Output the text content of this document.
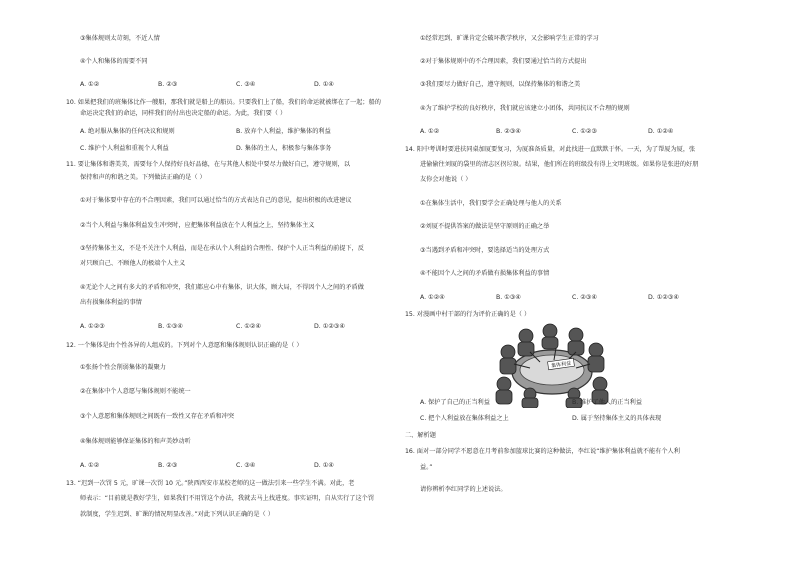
③集体规则太苛刻，不近人情
④个人和集体的需要不同
A. ①②	B. ②③	C. ③④	D. ①④
10. 如果把我们的班集体比作一艘船，那我们就是船上的船员。只要我们上了船，我们的命运就被绑在了一起；船的
命运决定我们的命运，同样我们的付出也决定船的命运。为此，我们要（ ）
A. 绝对服从集体的任何决议和规则	B. 放弃个人利益，维护集体的利益
C. 维护个人利益和重视个人利益	D. 集体的主人，积极参与集体事务
11. 要让集体和谐美美，需要每个人保持好良好品德，在与其他人相处中要尽力做好自己，遵守规则，以
保持和声的和谐之美。下列做法正确的是（ ）
①对于集体要中存在的不合理因素，我们可以通过恰当的方式表达自己的意见，提出积极的改进建议
②当个人利益与集体利益发生冲突时，应把集体利益放在个人利益之上，坚持集体主义
③坚持集体主义，不是不关注个人利益，而是在承认个人利益的合理性、保护个人正当利益的前提下，反
对只顾自己、不顾他人的极端个人主义
④无论个人之间有多大的矛盾和冲突，我们都应心中有集体，识大体，顾大局，不得因个人之间的矛盾做
出有损集体利益的事情
A. ①②③	B. ①③④	C. ①②④	D. ①②③④
12. 一个集体是由个性各异的人组成的。下列对个人意愿和集体规则认识正确的是（ ）
①张扬个性会削弱集体的凝聚力
②在集体中个人意愿与集体规则不能统一
③个人意愿和集体规则之间既有一致性又存在矛盾和冲突
④集体规则能够保证集体的和声美妙动听
A. ①②	B. ②③	C. ③④	D. ①④
13. “迟到一次罚 5 元，旷课一次罚 10 元。”陕西西安市某校老师的这一做法引来一些学生不满。对此，老
师表示：“目前就是教好学生，如果我们不用罚这个办法，我就去马上找进度。事实证明，自从实行了这个罚
款制度，学生迟到、旷课的情况明显改善。”对此下列认识正确的是（ ）
①经常迟到、旷课肯定会破坏教学秩序，又会影响学生正常的学习
②对于集体规则中的不合理因素，我们要通过恰当的方式提出
③我们要尽力做好自己，遵守规则，以保持集体的和谐之美
④为了维护学校的良好秩序，我们就应该建立小团体，共同抗议不合理的规则
A. ①②	B. ②③④	C. ①②③	D. ①②④
14. 阳中考训时要进扶同桌加厦要复习，为厦准备质量，对此找进一直默默于怀。一天，为了帮厦为厦，张
进偷偷往刘厦的袋里的清志区拐垃圾。结果，他们所在的班级没有得上文明班级。如果你是张进的好朋
友你会对他说（ ）
①在集体生活中，我们要学会正确处理与他人的关系
②刘厦不提供答案的做法是坚守原则的正确之举
③当遇到矛盾和冲突时，要选择适当的处理方式
④不能因个人之间的矛盾做有损集体利益的事情
A. ①②④	B. ①③④	C. ②③④	D. ①②③④
15. 对漫画中村干部的行为评价正确的是（ ）
集体利益
A. 保护了自己的正当利益	B. 维护了他人的正当利益
C. 把个人利益放在集体利益之上	D. 属于坚持集体主义的具体表现
二、解析题
16. 面对一部分同学不愿意在月考前参加篮球比赛的这种做法，李红说“维护集体利益就不能有个人利
益。”
请你辨析李红同学的上述说法。
